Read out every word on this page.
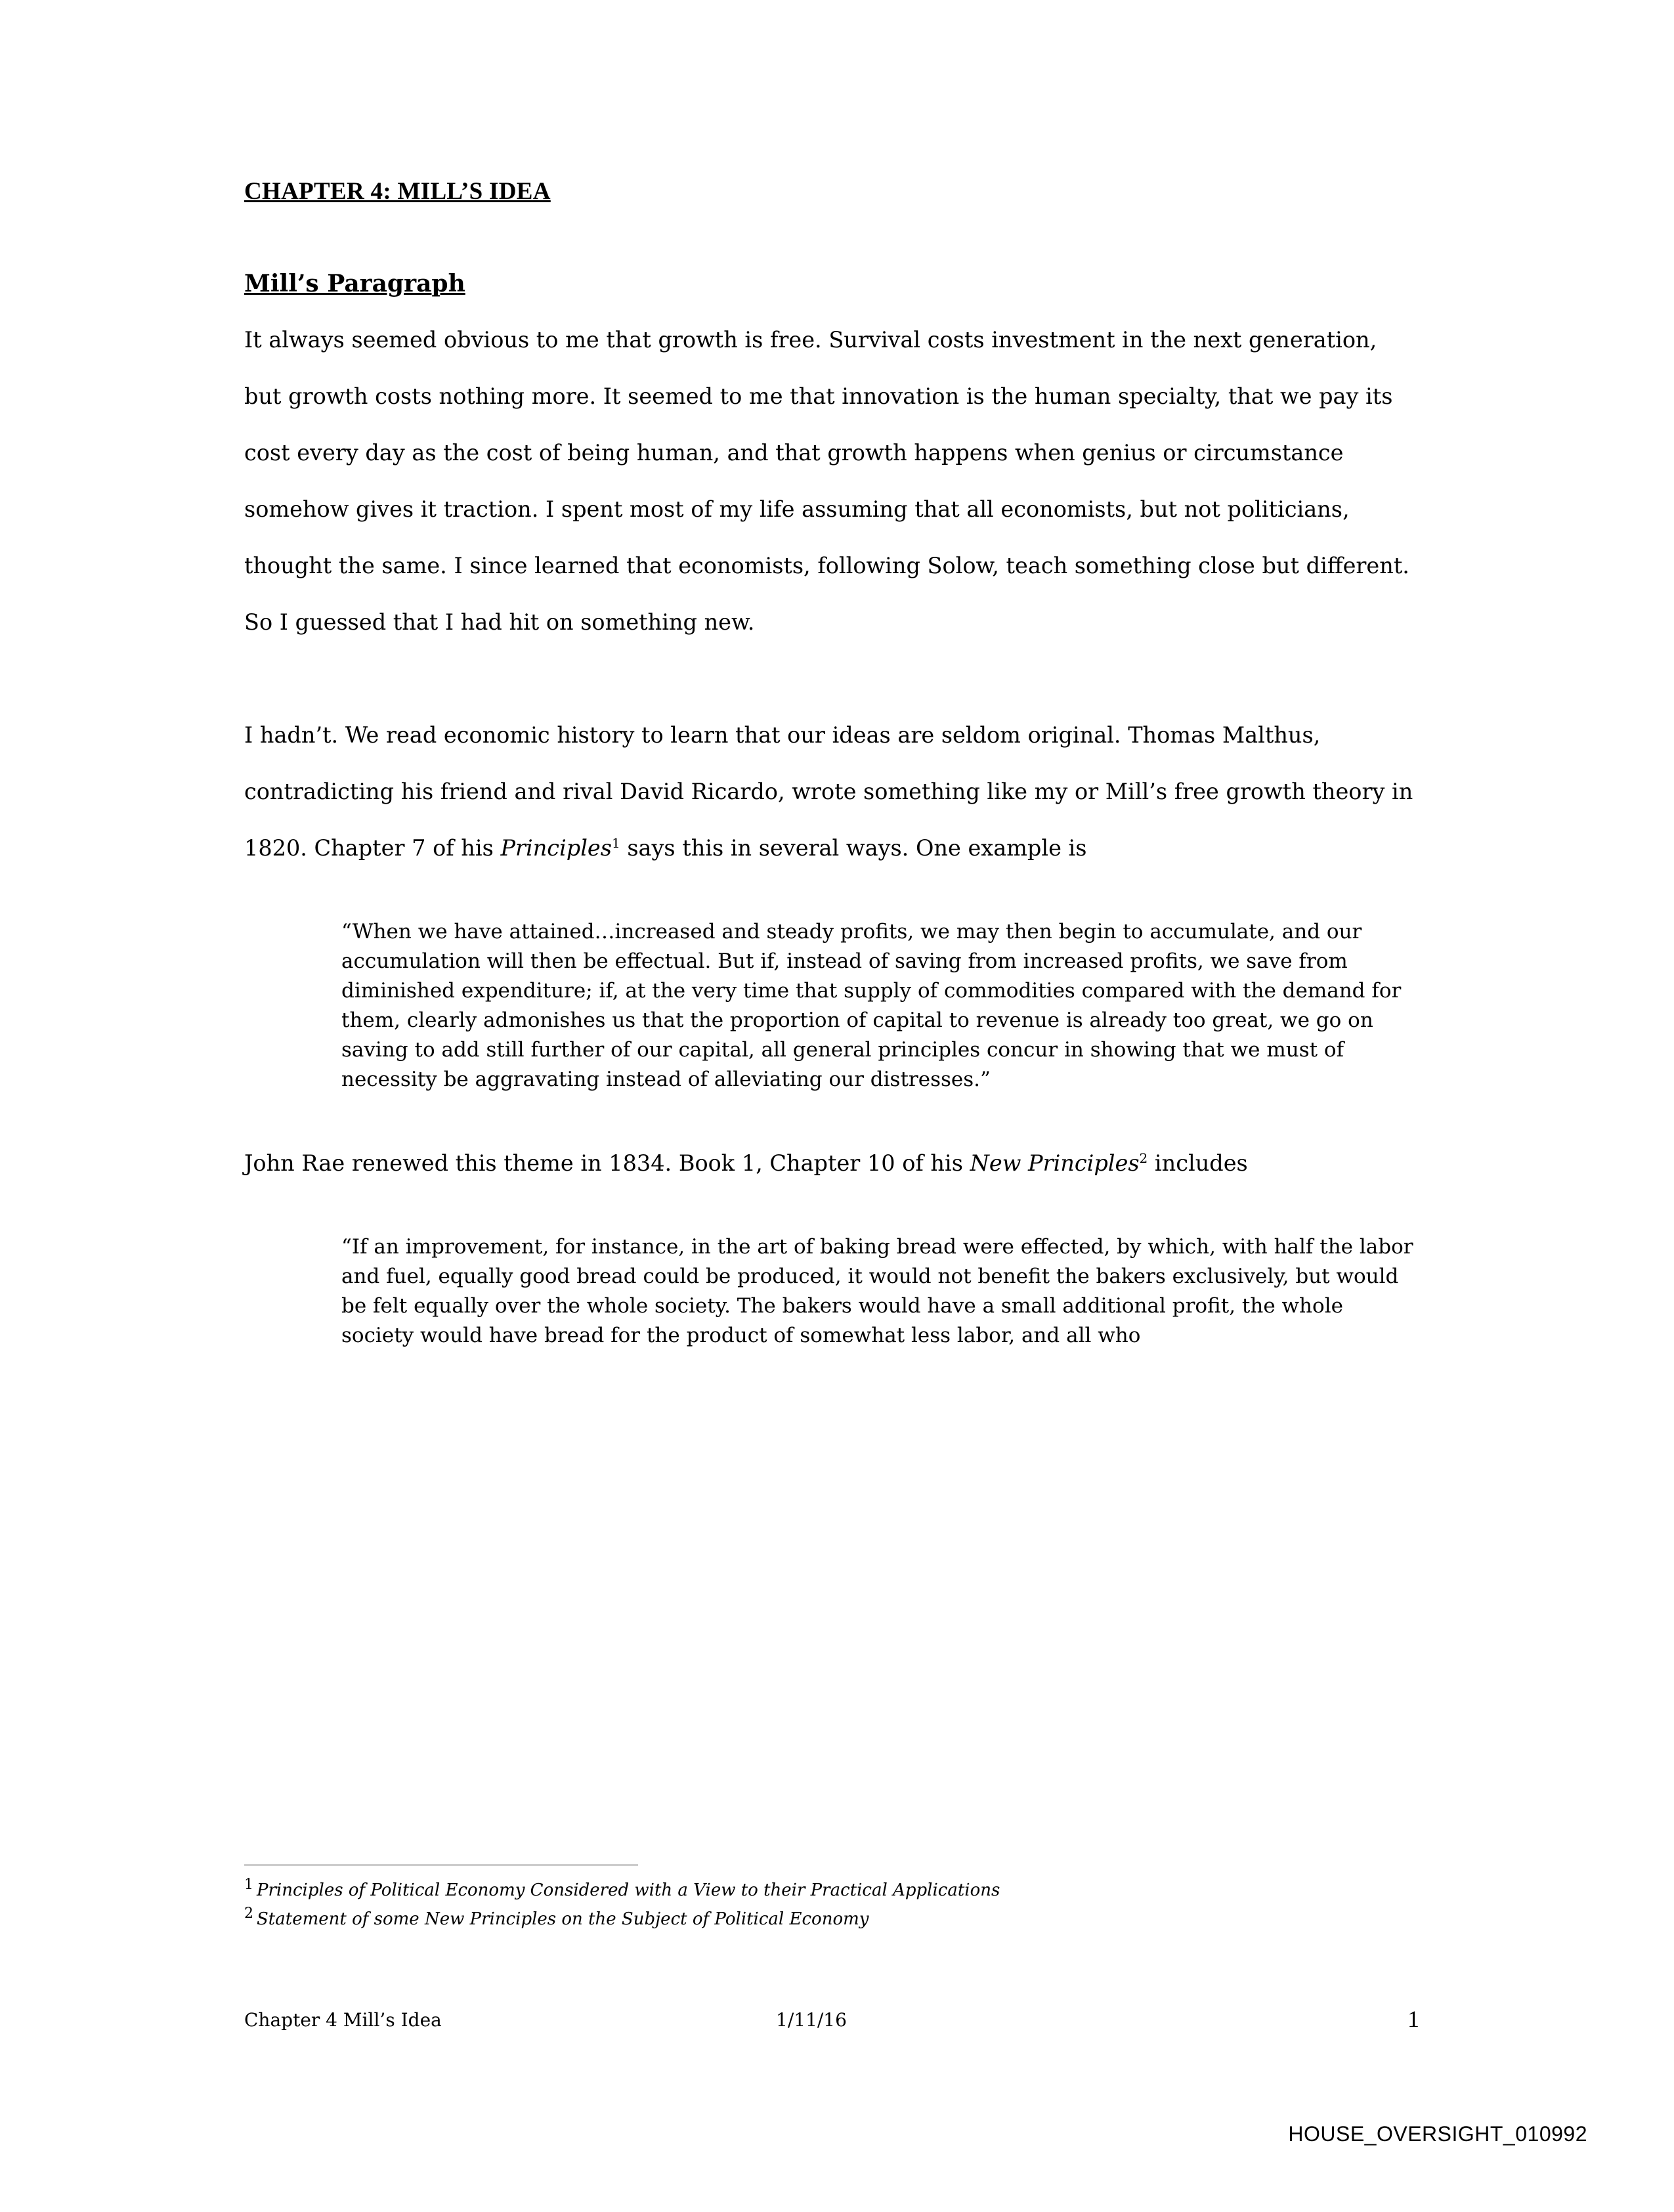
CHAPTER 4: MILL’S IDEA
Mill’s Paragraph

It always seemed obvious to me that growth is free. Survival costs investment in the next generation, but growth costs nothing more. It seemed to me that innovation is the human specialty, that we pay its cost every day as the cost of being human, and that growth happens when genius or circumstance somehow gives it traction. I spent most of my life assuming that all economists, but not politicians, thought the same. I since learned that economists, following Solow, teach something close but different. So I guessed that I had hit on something new.

I hadn’t. We read economic history to learn that our ideas are seldom original. Thomas Malthus, contradicting his friend and rival David Ricardo, wrote something like my or Mill’s free growth theory in 1820. Chapter 7 of his Principles$^1$ says this in several ways. One example is

“When we have attained…increased and steady profits, we may then begin to accumulate, and our accumulation will then be effectual. But if, instead of saving from increased profits, we save from diminished expenditure; if, at the very time that supply of commodities compared with the demand for them, clearly admonishes us that the proportion of capital to revenue is already too great, we go on saving to add still further of our capital, all general principles concur in showing that we must of necessity be aggravating instead of alleviating our distresses.”

John Rae renewed this theme in 1834. Book 1, Chapter 10 of his New Principles$^2$ includes

“If an improvement, for instance, in the art of baking bread were effected, by which, with half the labor and fuel, equally good bread could be produced, it would not benefit the bakers exclusively, but would be felt equally over the whole society. The bakers would have a small additional profit, the whole society would have bread for the product of somewhat less labor, and all who

$^1$ Principles of Political Economy Considered with a View to their Practical Applications

$^2$ Statement of some New Principles on the Subject of Political Economy

Chapter 4 Mill’s Idea	1/11/16	1
HOUSE_OVERSIGHT_010992
